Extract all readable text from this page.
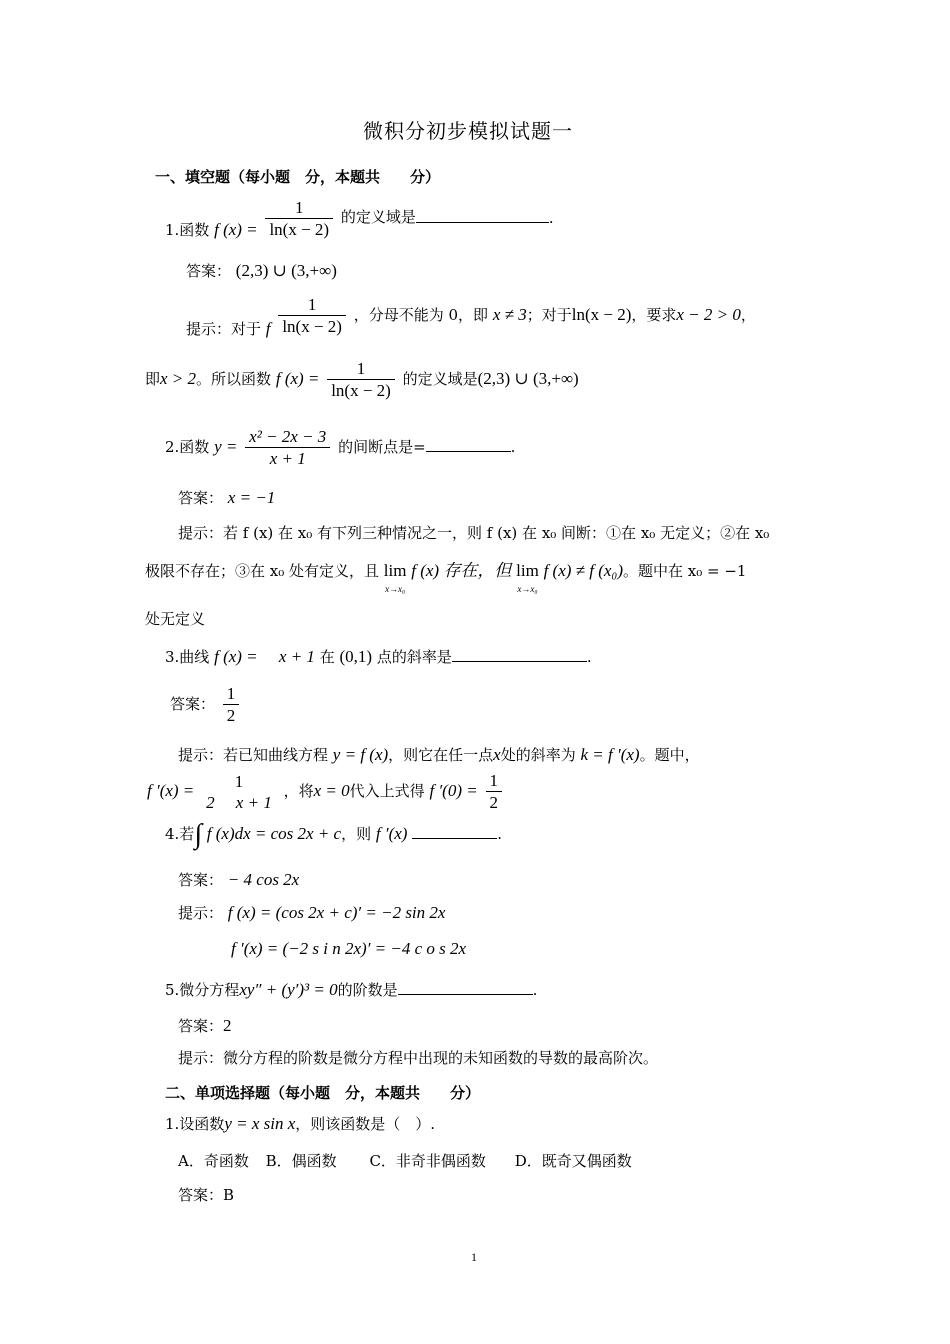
微积分初步模拟试题一
一、填空题（每小题　分，本题共　　分）
1.函数 f $(x) = \frac{1}{\ln(x - 2)}$ 的定义域是	.
答案： (2,3) ∪ (3,+∞)
提示：对于 f $\frac{1}{\ln(x - 2)}$ ，分母不能为 0，即 x ≠ 3；对于ln(x − 2)，要求x − 2 > 0，
即x > 2。所以函数 f $(x) = \frac{1}{\ln(x - 2)}$ 的定义域是(2,3) ∪ (3,+∞)
2.函数 $y = \frac{\text{x² − 2x − 3}}{x + 1}$ 的间断点是=	.
答案： x = −1
提示：若 f (x) 在 x₀ 有下列三种情况之一，则 f (x) 在 x₀ 间断：①在 x₀ 无定义；②在 x₀
极限不存在；③在 x₀ 处有定义，且 lim
x→x₀
f (x) 存在，但 lim
x→x₀
f (x) ≠ f (x₀)。题中在 x₀ = −1
处无定义
3.曲线 f (x) =　 x + 1 在 (0,1) 点的斜率是	.
答案： $\frac{1}{2}$
提示：若已知曲线方程 y = f (x)，则它在任一点x处的斜率为 k = f ′(x)。题中，
f ′(x) =	1
2　 x + 1
，将x = 0代入上式得 f $'(0) = \frac{1}{2}$
4.若∫ f (x)dx = cos 2x + c，则 f ′(x)	.
答案： − 4 cos 2x
提示： f (x) = (cos 2x + c)′ = −2 sin 2x
f ′(x) = (−2 s i n 2x)′ = −4 c o s 2x
5.微分方程xy″ + (y′)³ = 0的阶数是	.
答案：2
提示：微分方程的阶数是微分方程中出现的未知函数的导数的最高阶次。
二、单项选择题（每小题　分，本题共　　分）
1.设函数y = x sin x，则该函数是（　）.
A．奇函数 B．偶函数 C．非奇非偶函数 D．既奇又偶函数
答案：B
1
